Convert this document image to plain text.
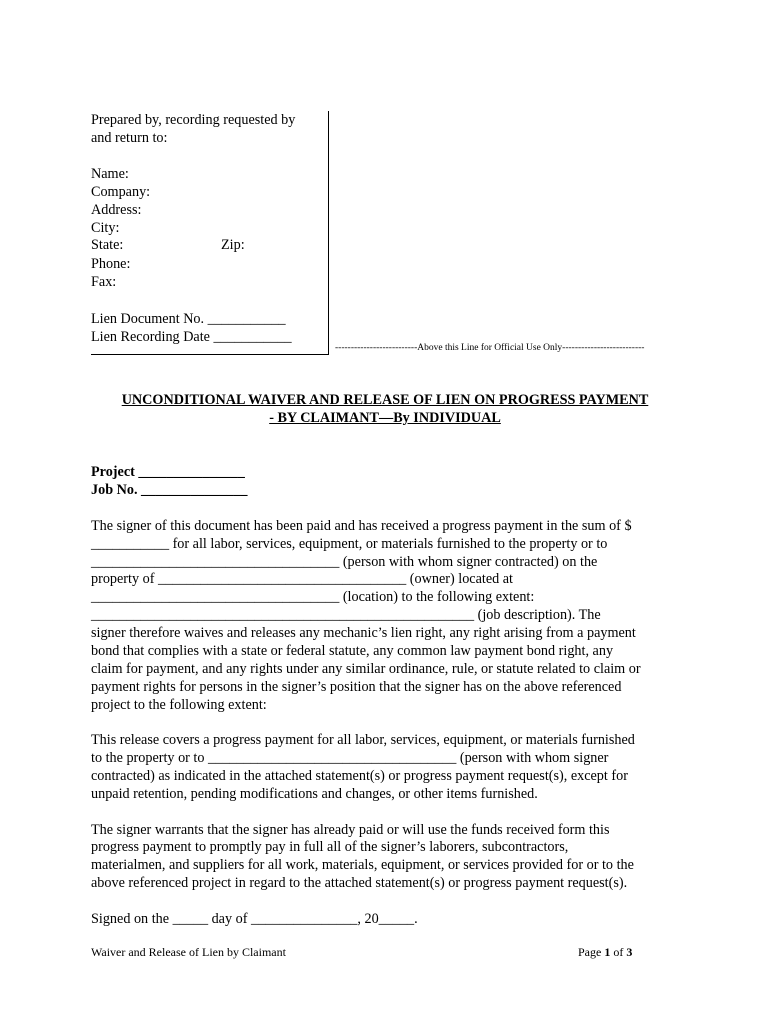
Prepared by, recording requested by
and return to:
Name:
Company:
Address:
City:
State:	Zip:
Phone:
Fax:
Lien Document No. ___________
Lien Recording Date ___________
--------------------------Above this Line for Official Use Only--------------------------
UNCONDITIONAL WAIVER AND RELEASE OF LIEN ON PROGRESS PAYMENT
- BY CLAIMANT—By INDIVIDUAL
Project _______________
Job No. _______________
The signer of this document has been paid and has received a progress payment in the sum of $
___________ for all labor, services, equipment, or materials furnished to the property or to
___________________________________ (person with whom signer contracted) on the
property of ___________________________________ (owner) located at
___________________________________ (location) to the following extent:
______________________________________________________ (job description). The
signer therefore waives and releases any mechanic’s lien right, any right arising from a payment
bond that complies with a state or federal statute, any common law payment bond right, any
claim for payment, and any rights under any similar ordinance, rule, or statute related to claim or
payment rights for persons in the signer’s position that the signer has on the above referenced
project to the following extent:
This release covers a progress payment for all labor, services, equipment, or materials furnished
to the property or to ___________________________________ (person with whom signer
contracted) as indicated in the attached statement(s) or progress payment request(s), except for
unpaid retention, pending modifications and changes, or other items furnished.
The signer warrants that the signer has already paid or will use the funds received form this
progress payment to promptly pay in full all of the signer’s laborers, subcontractors,
materialmen, and suppliers for all work, materials, equipment, or services provided for or to the
above referenced project in regard to the attached statement(s) or progress payment request(s).
Signed on the _____ day of _______________, 20_____.
Waiver and Release of Lien by Claimant	Page 1 of 3
